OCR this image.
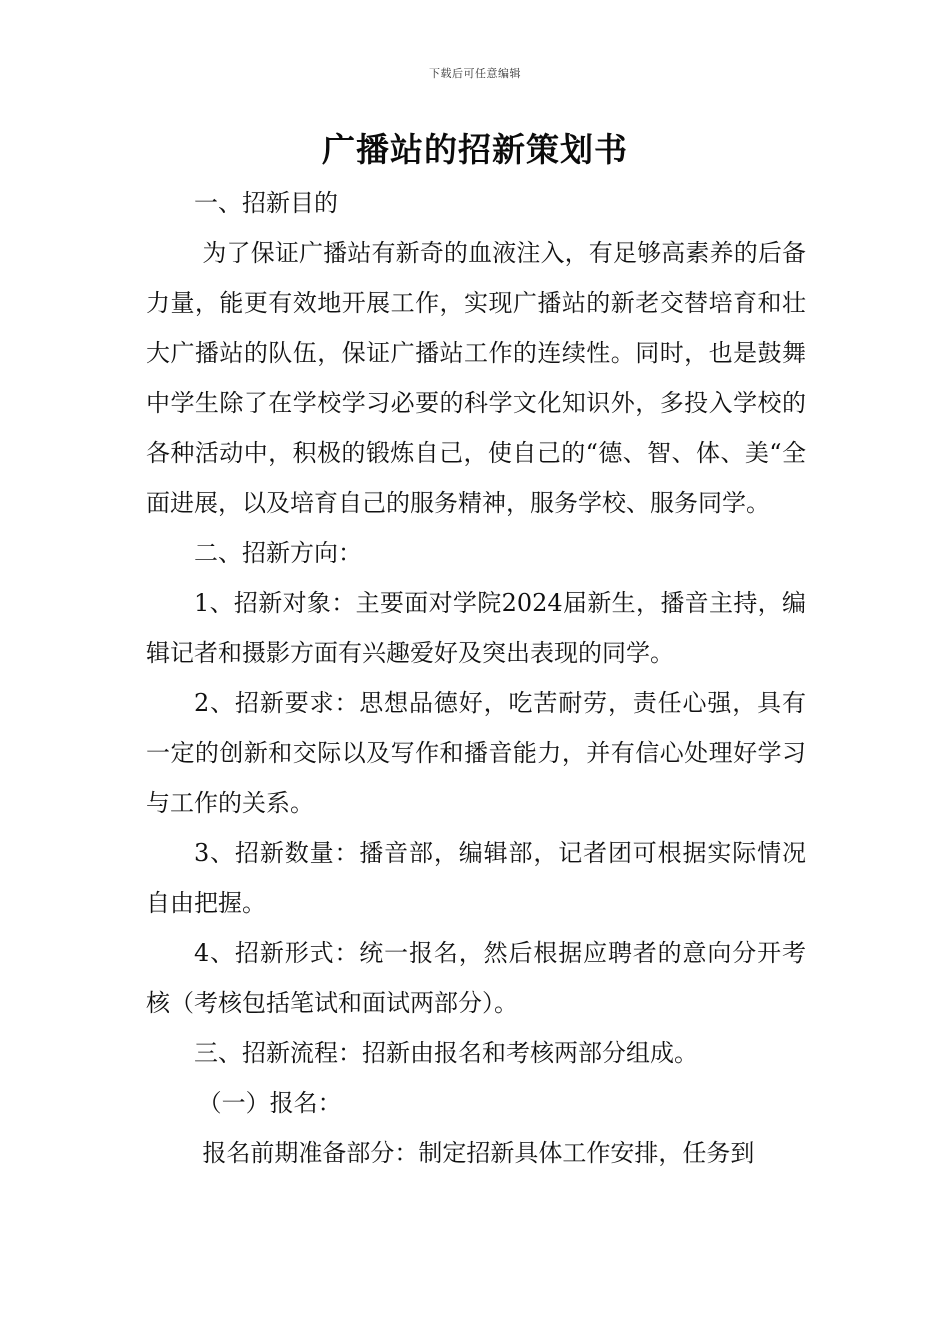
下载后可任意编辑
广播站的招新策划书

一、招新目的

为了保证广播站有新奇的血液注入，有足够高素养的后备力量，能更有效地开展工作，实现广播站的新老交替培育和壮大广播站的队伍，保证广播站工作的连续性。同时，也是鼓舞中学生除了在学校学习必要的科学文化知识外，多投入学校的各种活动中，积极的锻炼自己，使自己的“德、智、体、美“全面进展，以及培育自己的服务精神，服务学校、服务同学。

二、招新方向：

1、招新对象：主要面对学院2024届新生，播音主持，编辑记者和摄影方面有兴趣爱好及突出表现的同学。

2、招新要求：思想品德好，吃苦耐劳，责任心强，具有一定的创新和交际以及写作和播音能力，并有信心处理好学习与工作的关系。

3、招新数量：播音部，编辑部，记者团可根据实际情况自由把握。

4、招新形式：统一报名，然后根据应聘者的意向分开考核（考核包括笔试和面试两部分）。

三、招新流程：招新由报名和考核两部分组成。

（一）报名：

报名前期准备部分：制定招新具体工作安排，任务到
